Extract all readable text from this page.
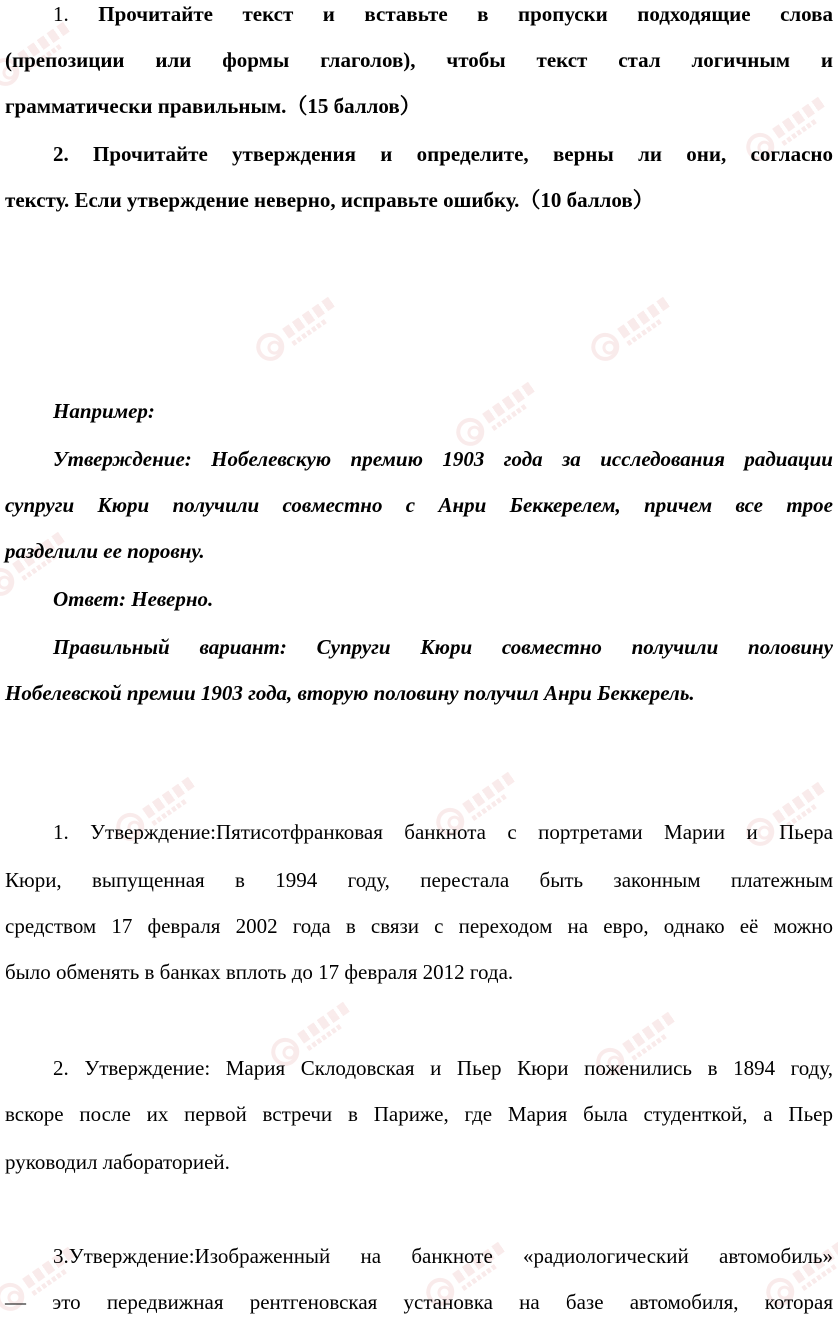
1. Прочитайте текст и вставьте в пропуски подходящие слова
(препозиции или формы глаголов), чтобы текст стал логичным и
грамматически правильным.（15 баллов）
2. Прочитайте утверждения и определите, верны ли они, согласно
тексту. Если утверждение неверно, исправьте ошибку.（10 баллов）
Например:
Утверждение: Нобелевскую премию 1903 года за исследования радиации
супруги Кюри получили совместно с Анри Беккерелем, причем все трое
разделили ее поровну.
Ответ: Неверно.
Правильный вариант: Супруги Кюри совместно получили половину
Нобелевской премии 1903 года, вторую половину получил Анри Беккерель.
1. Утверждение:Пятисотфранковая банкнота с портретами Марии и Пьера
Кюри, выпущенная в 1994 году, перестала быть законным платежным
средством 17 февраля 2002 года в связи с переходом на евро, однако её можно
было обменять в банках вплоть до 17 февраля 2012 года.
2. Утверждение: Мария Склодовская и Пьер Кюри поженились в 1894 году,
вскоре после их первой встречи в Париже, где Мария была студенткой, а Пьер
руководил лабораторией.
3.Утверждение:Изображенный на банкноте «радиологический автомобиль»
— это передвижная рентгеновская установка на базе автомобиля, которая
